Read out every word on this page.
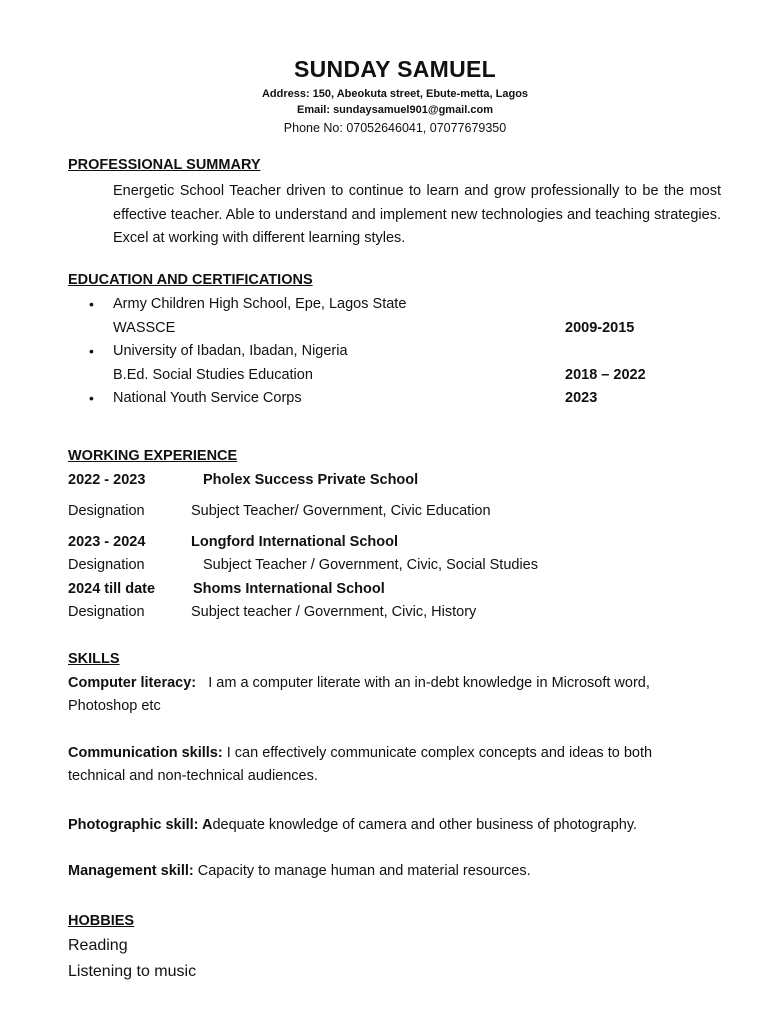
SUNDAY SAMUEL
Address: 150, Abeokuta street, Ebute-metta, Lagos
Email: sundaysamuel901@gmail.com
Phone No: 07052646041, 07077679350
PROFESSIONAL SUMMARY
Energetic School Teacher driven to continue to learn and grow professionally to be the most effective teacher. Able to understand and implement new technologies and teaching strategies. Excel at working with different learning styles.
EDUCATION AND CERTIFICATIONS
• Army Children High School, Epe, Lagos State
WASSCE	2009-2015
• University of Ibadan, Ibadan, Nigeria
B.Ed. Social Studies Education	2018 – 2022
• National Youth Service Corps	2023
WORKING EXPERIENCE
2022 - 2023	Pholex Success Private School
Designation	Subject Teacher/ Government, Civic Education
2023 - 2024	Longford International School
Designation	Subject Teacher / Government, Civic, Social Studies
2024 till date	Shoms International School
Designation	Subject teacher / Government, Civic, History
SKILLS
Computer literacy: I am a computer literate with an in-debt knowledge in Microsoft word,
Photoshop etc
Communication skills: I can effectively communicate complex concepts and ideas to both
technical and non-technical audiences.
Photographic skill: Adequate knowledge of camera and other business of photography.
Management skill: Capacity to manage human and material resources.
HOBBIES
Reading
Listening to music
